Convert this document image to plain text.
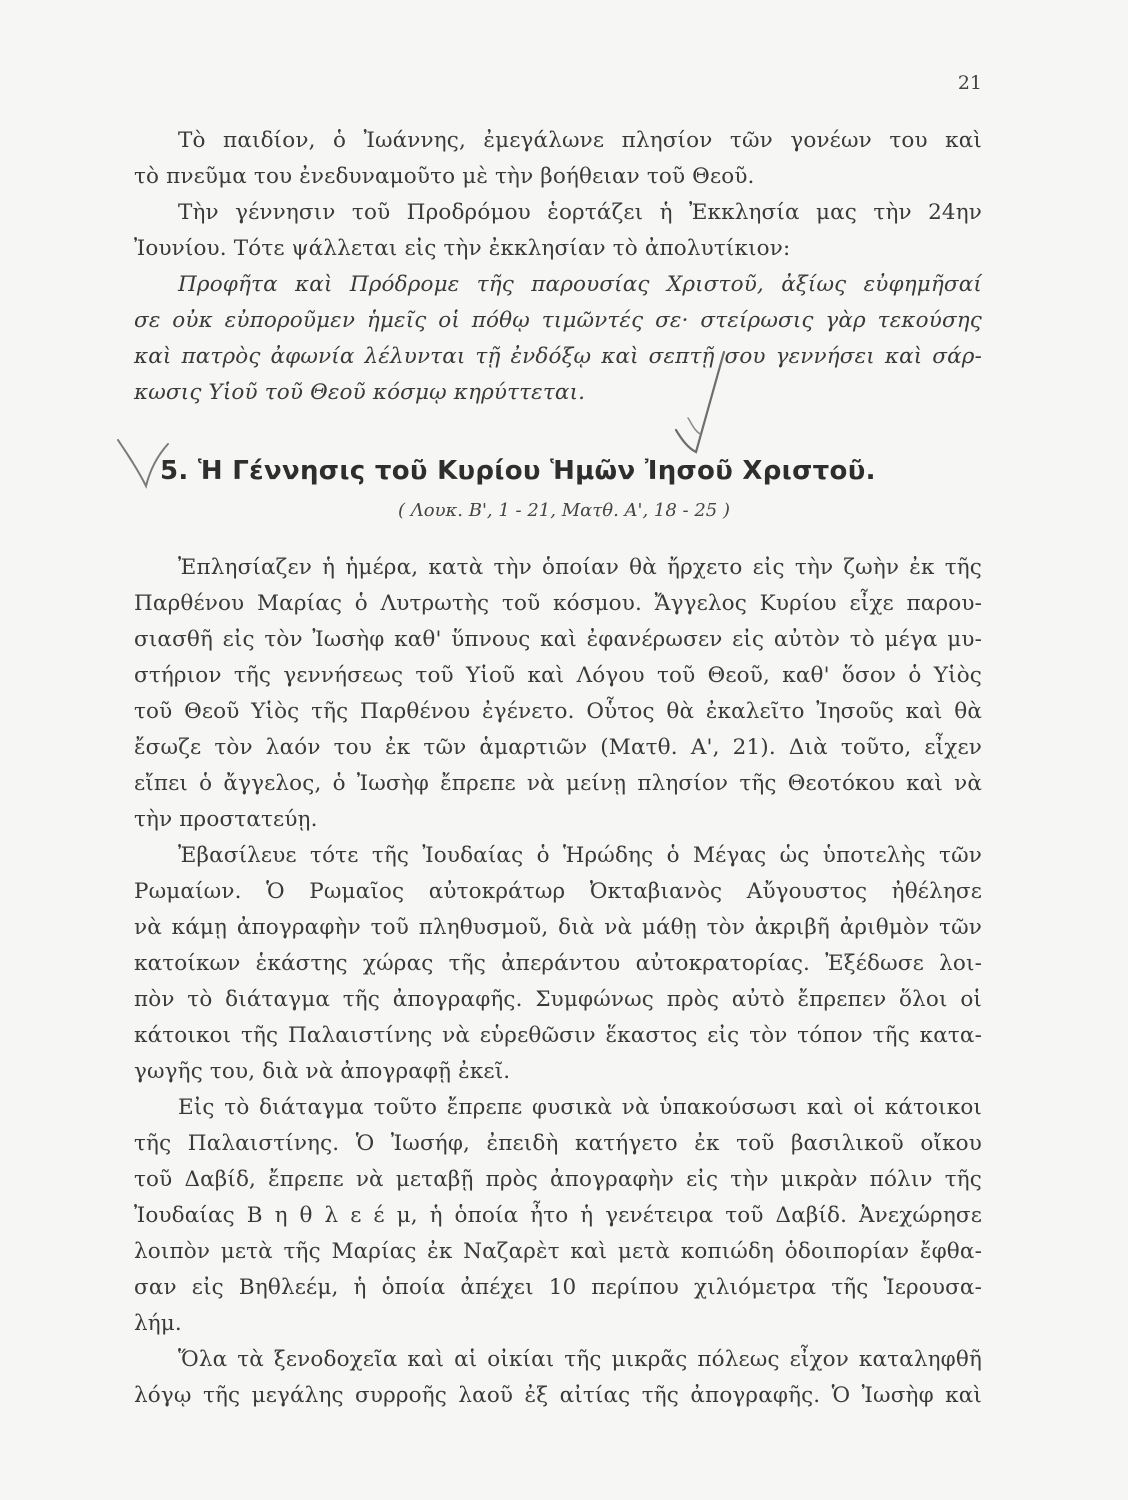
21
Τὸ παιδίον, ὁ Ἰωάννης, ἐμεγάλωνε πλησίον τῶν γονέων του καὶ
τὸ πνεῦμα του ἐνεδυναμοῦτο μὲ τὴν βοήθειαν τοῦ Θεοῦ.
Τὴν γέννησιν τοῦ Προδρόμου ἑορτάζει ἡ Ἐκκλησία μας τὴν 24ην
Ἰουνίου. Τότε ψάλλεται εἰς τὴν ἐκκλησίαν τὸ ἀπολυτίκιον:
Προφῆτα καὶ Πρόδρομε τῆς παρουσίας Χριστοῦ, ἀξίως εὐφημῆσαί
σε οὐκ εὐποροῦμεν ἡμεῖς οἱ πόθῳ τιμῶντές σε· στείρωσις γὰρ τεκούσης
καὶ πατρὸς ἀφωνία λέλυνται τῇ ἐνδόξῳ καὶ σεπτῇ σου γεννήσει καὶ σάρ-
κωσις Υἱοῦ τοῦ Θεοῦ κόσμῳ κηρύττεται.
5. Ἡ Γέννησις τοῦ Κυρίου Ἡμῶν Ἰησοῦ Χριστοῦ.
( Λουκ. Β', 1 - 21, Ματθ. Α', 18 - 25 )
Ἐπλησίαζεν ἡ ἡμέρα, κατὰ τὴν ὁποίαν θὰ ἤρχετο εἰς τὴν ζωὴν ἐκ τῆς
Παρθένου Μαρίας ὁ Λυτρωτὴς τοῦ κόσμου. Ἄγγελος Κυρίου εἶχε παρου-
σιασθῆ εἰς τὸν Ἰωσὴφ καθ' ὕπνους καὶ ἐφανέρωσεν εἰς αὐτὸν τὸ μέγα μυ-
στήριον τῆς γεννήσεως τοῦ Υἱοῦ καὶ Λόγου τοῦ Θεοῦ, καθ' ὅσον ὁ Υἱὸς
τοῦ Θεοῦ Υἱὸς τῆς Παρθένου ἐγένετο. Οὗτος θὰ ἐκαλεῖτο Ἰησοῦς καὶ θὰ
ἔσωζε τὸν λαόν του ἐκ τῶν ἁμαρτιῶν (Ματθ. Α', 21). Διὰ τοῦτο, εἶχεν
εἴπει ὁ ἄγγελος, ὁ Ἰωσὴφ ἔπρεπε νὰ μείνῃ πλησίον τῆς Θεοτόκου καὶ νὰ
τὴν προστατεύῃ.
Ἐβασίλευε τότε τῆς Ἰουδαίας ὁ Ἡρώδης ὁ Μέγας ὡς ὑποτελὴς τῶν
Ρωμαίων. Ὁ Ρωμαῖος αὐτοκράτωρ Ὀκταβιανὸς Αὔγουστος ἠθέλησε
νὰ κάμῃ ἀπογραφὴν τοῦ πληθυσμοῦ, διὰ νὰ μάθῃ τὸν ἀκριβῆ ἀριθμὸν τῶν
κατοίκων ἑκάστης χώρας τῆς ἀπεράντου αὐτοκρατορίας. Ἐξέδωσε λοι-
πὸν τὸ διάταγμα τῆς ἀπογραφῆς. Συμφώνως πρὸς αὐτὸ ἔπρεπεν ὅλοι οἱ
κάτοικοι τῆς Παλαιστίνης νὰ εὑρεθῶσιν ἕκαστος εἰς τὸν τόπον τῆς κατα-
γωγῆς του, διὰ νὰ ἀπογραφῇ ἐκεῖ.
Εἰς τὸ διάταγμα τοῦτο ἔπρεπε φυσικὰ νὰ ὑπακούσωσι καὶ οἱ κάτοικοι
τῆς Παλαιστίνης. Ὁ Ἰωσήφ, ἐπειδὴ κατήγετο ἐκ τοῦ βασιλικοῦ οἴκου
τοῦ Δαβίδ, ἔπρεπε νὰ μεταβῇ πρὸς ἀπογραφὴν εἰς τὴν μικρὰν πόλιν τῆς
Ἰουδαίας Β η θ λ ε έ μ, ἡ ὁποία ἦτο ἡ γενέτειρα τοῦ Δαβίδ. Ἀνεχώρησε
λοιπὸν μετὰ τῆς Μαρίας ἐκ Ναζαρὲτ καὶ μετὰ κοπιώδη ὁδοιπορίαν ἔφθα-
σαν εἰς Βηθλεέμ, ἡ ὁποία ἀπέχει 10 περίπου χιλιόμετρα τῆς Ἱερουσα-
λήμ.
Ὅλα τὰ ξενοδοχεῖα καὶ αἱ οἰκίαι τῆς μικρᾶς πόλεως εἶχον καταληφθῆ
λόγῳ τῆς μεγάλης συρροῆς λαοῦ ἐξ αἰτίας τῆς ἀπογραφῆς. Ὁ Ἰωσὴφ καὶ
